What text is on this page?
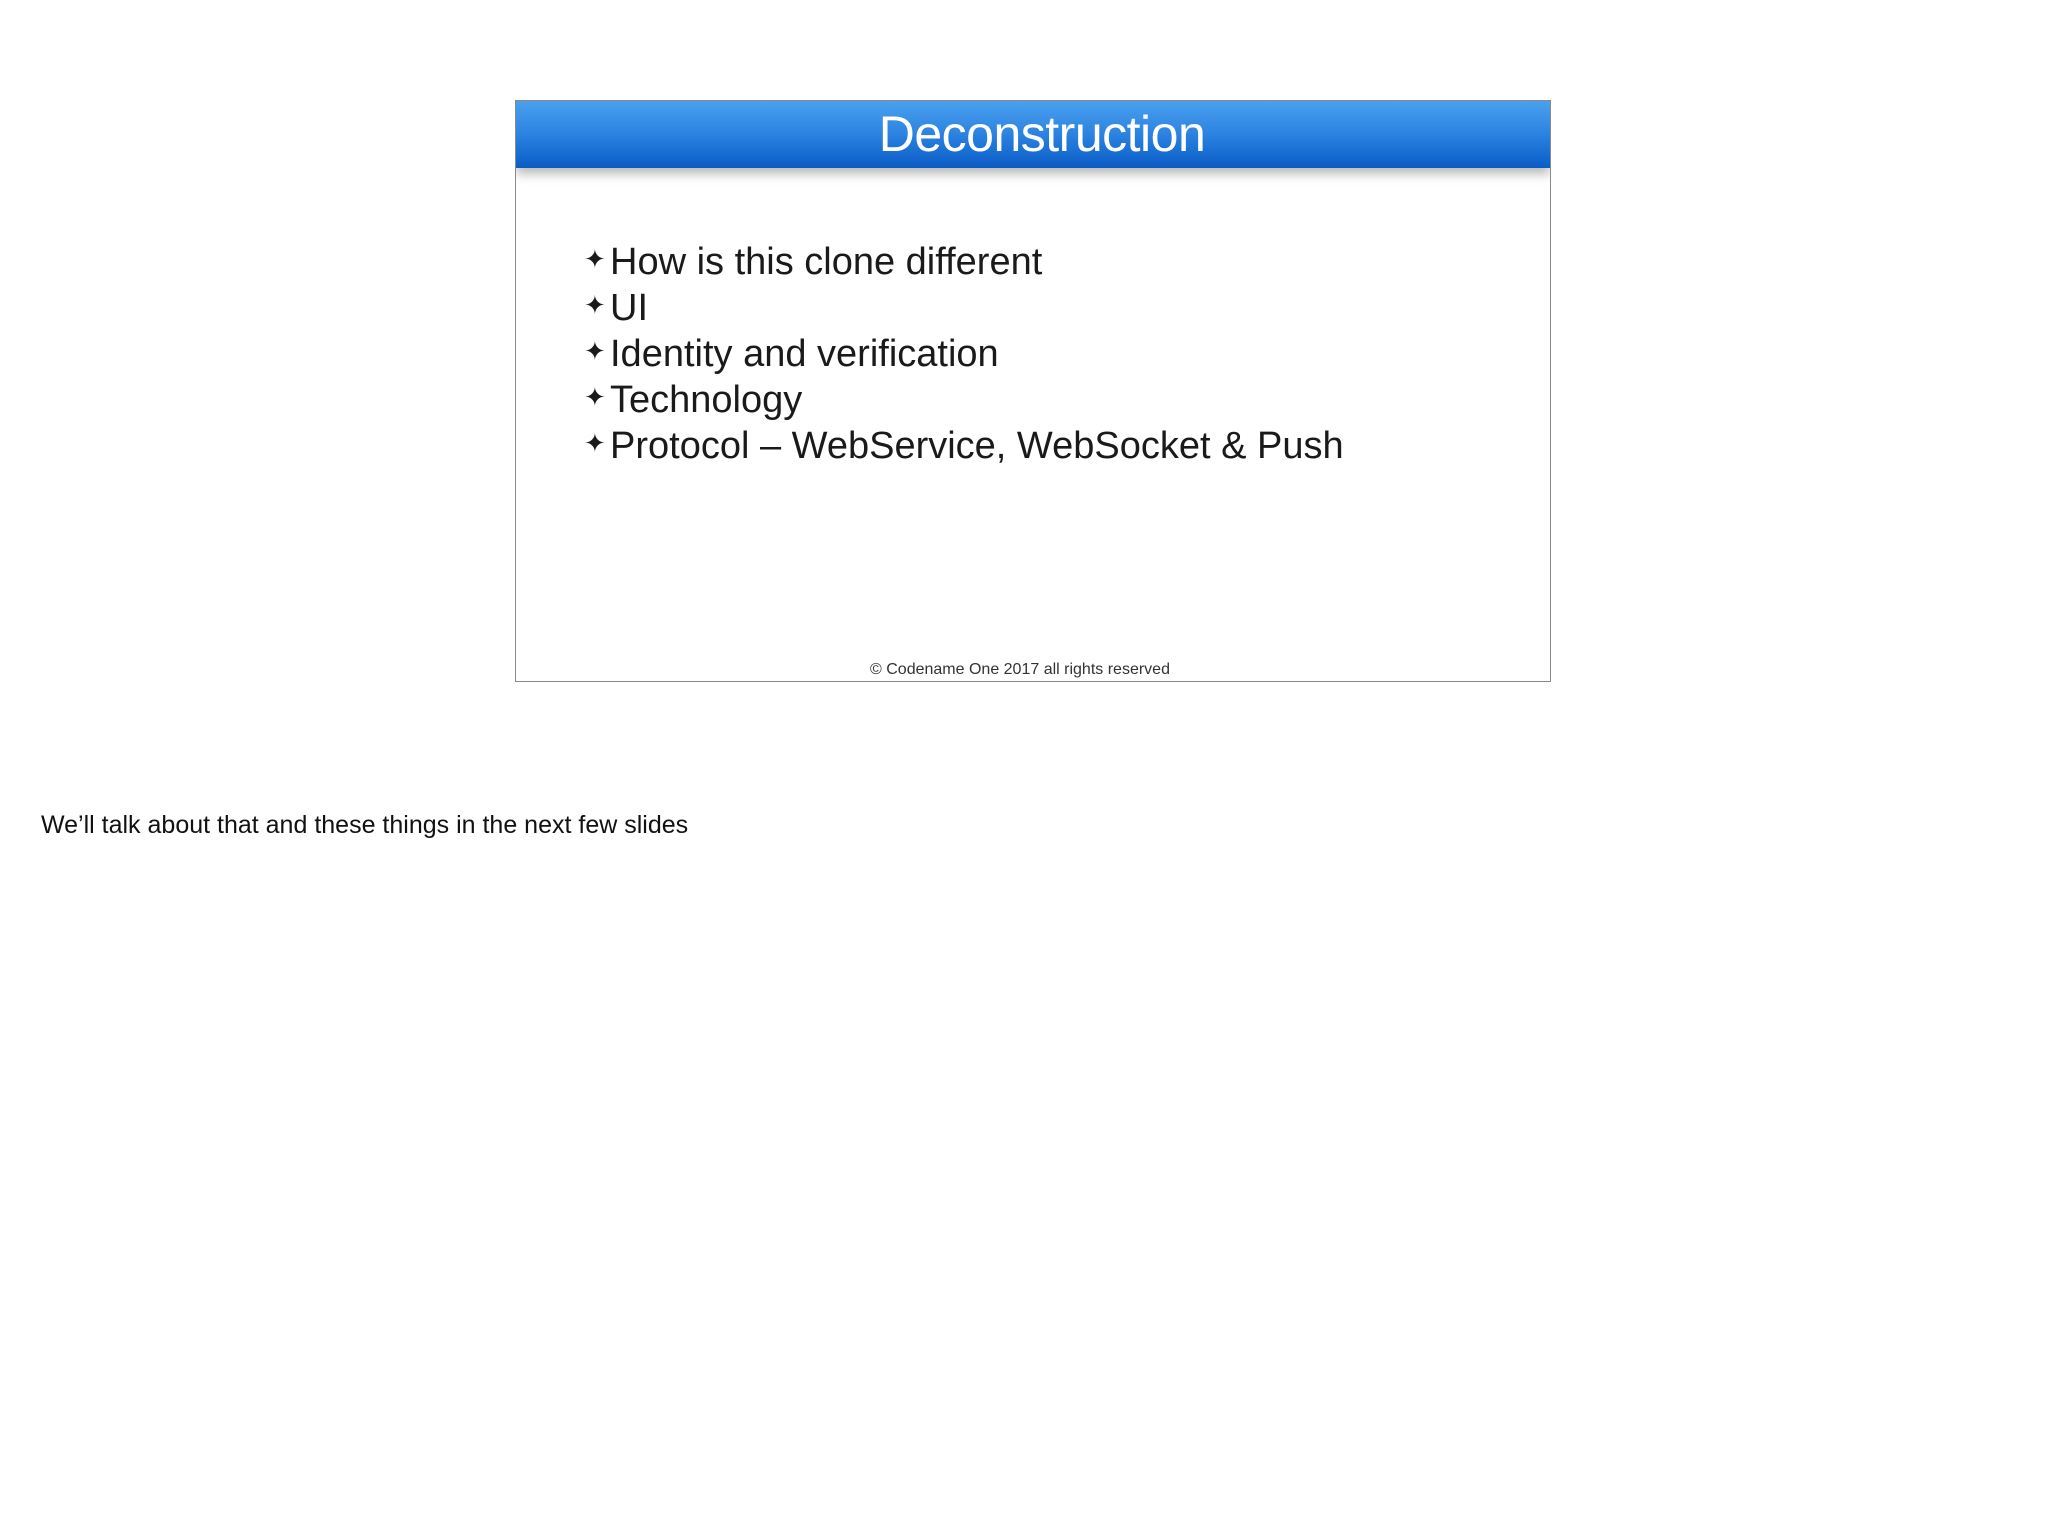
Deconstruction
✦ How is this clone different
✦ UI
✦ Identity and verification
✦ Technology
✦ Protocol – WebService, WebSocket & Push

© Codename One 2017 all rights reserved

We’ll talk about that and these things in the next few slides
